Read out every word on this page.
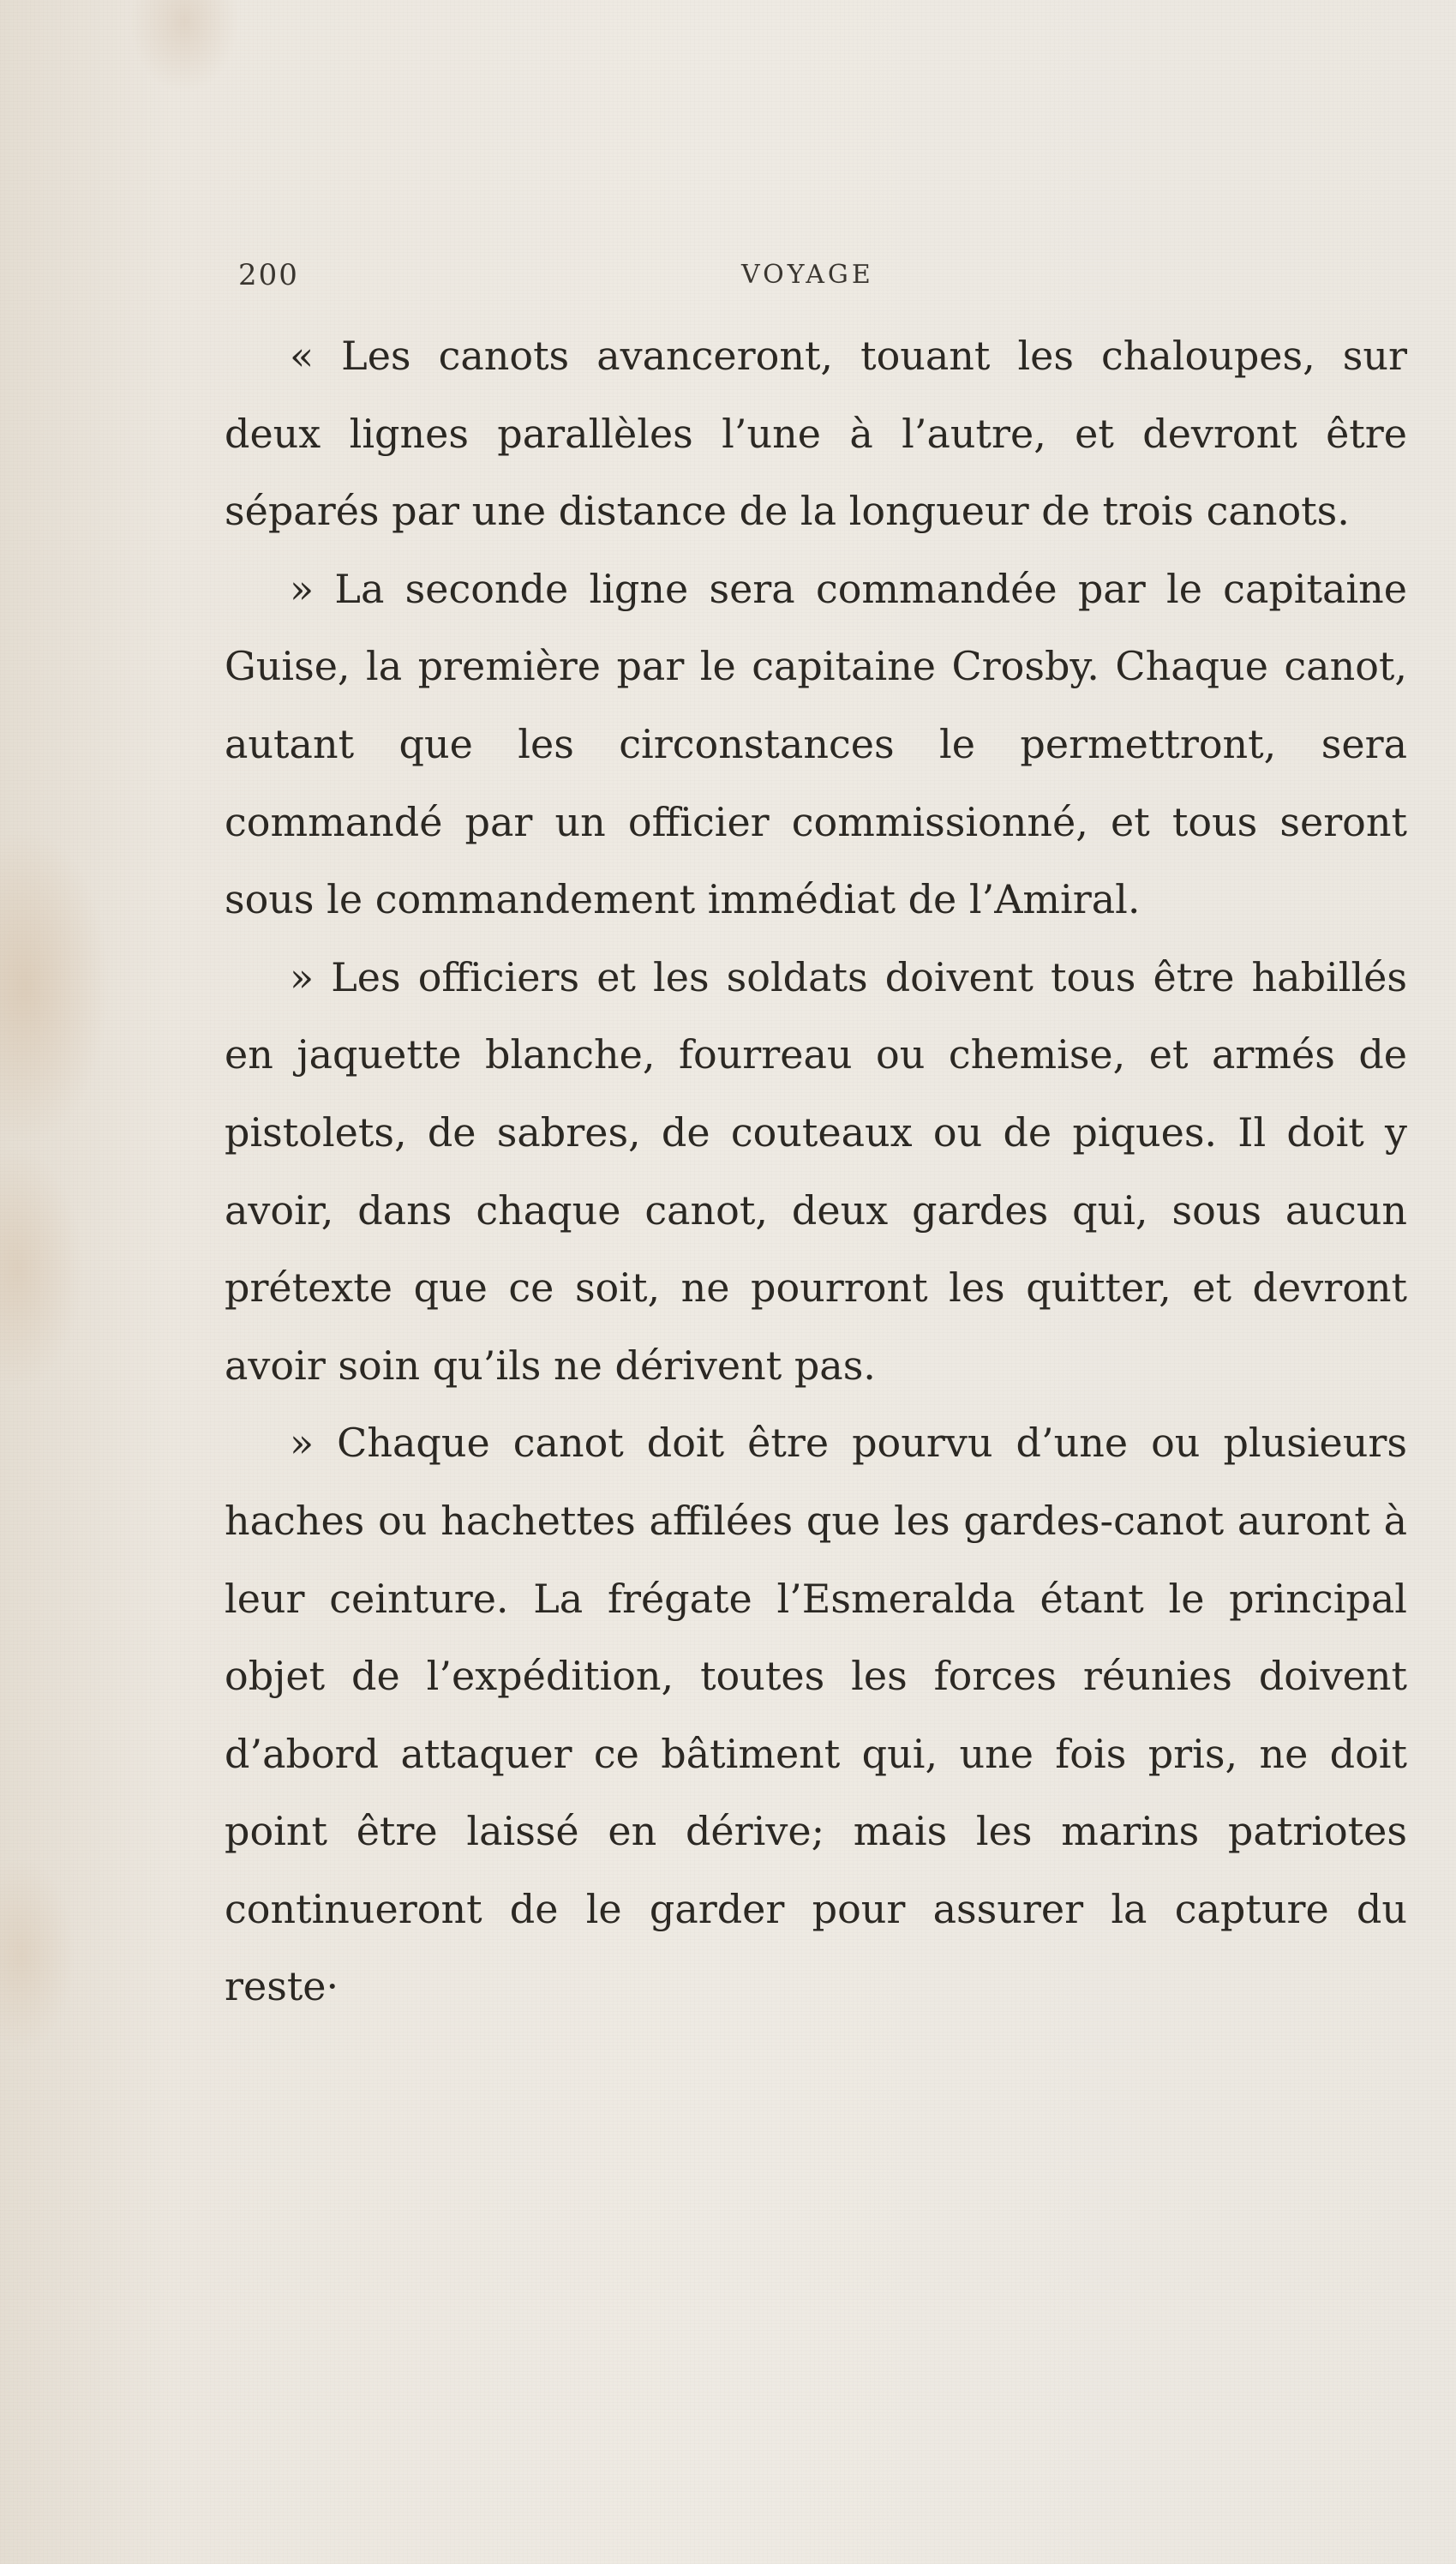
200	VOYAGE

« Les canots avanceront, touant les chaloupes, sur deux lignes parallèles l’une à l’autre, et devront être séparés par une distance de la longueur de trois canots.

» La seconde ligne sera commandée par le capitaine Guise, la première par le capitaine Crosby. Chaque canot, autant que les circonstances le permettront, sera commandé par un officier commissionné, et tous seront sous le commandement immédiat de l’Amiral.

» Les officiers et les soldats doivent tous être habillés en jaquette blanche, fourreau ou chemise, et armés de pistolets, de sabres, de couteaux ou de piques. Il doit y avoir, dans chaque canot, deux gardes qui, sous aucun prétexte que ce soit, ne pourront les quitter, et devront avoir soin qu’ils ne dérivent pas.

» Chaque canot doit être pourvu d’une ou plusieurs haches ou hachettes affilées que les gardes-canot auront à leur ceinture. La frégate l’Esmeralda étant le principal objet de l’expédition, toutes les forces réunies doivent d’abord attaquer ce bâtiment qui, une fois pris, ne doit point être laissé en dérive; mais les marins patriotes continueront de le garder pour assurer la capture du reste·
